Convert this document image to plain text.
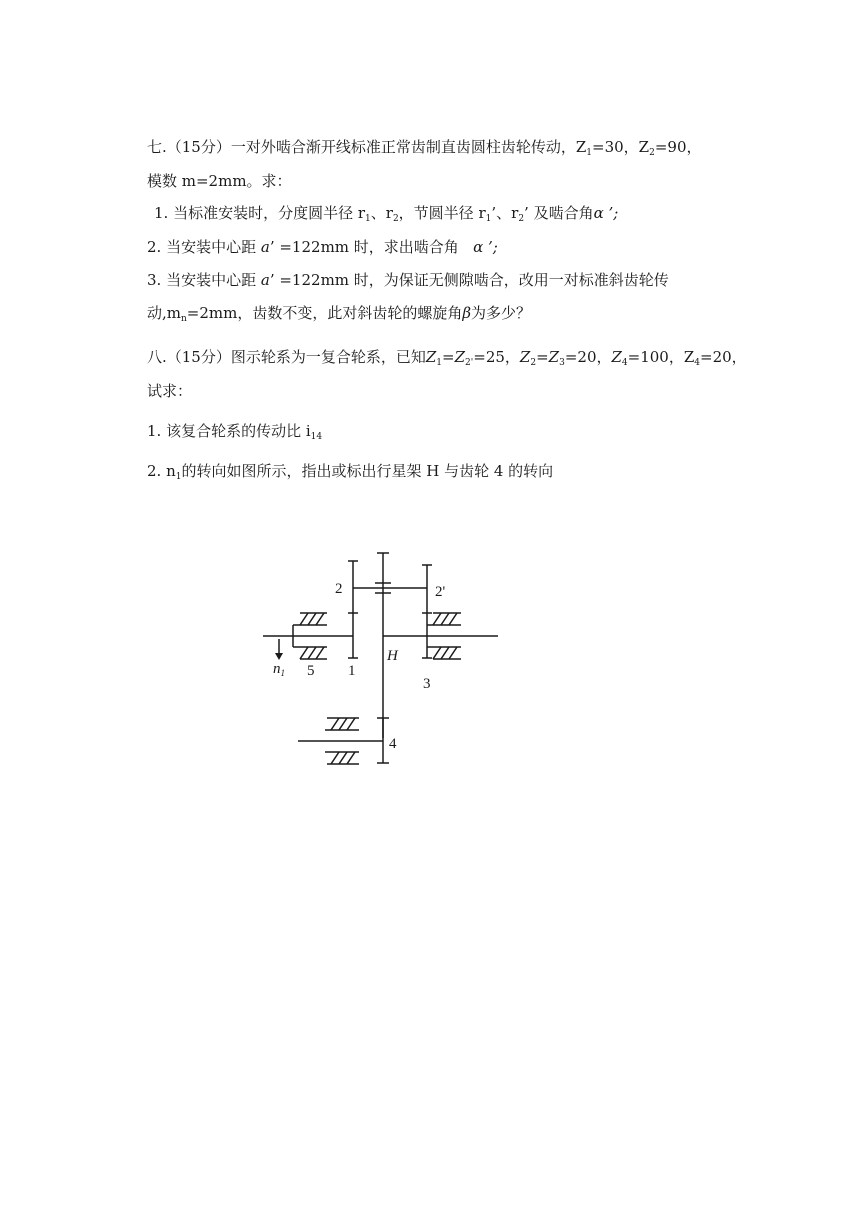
七.（15分）一对外啮合渐开线标准正常齿制直齿圆柱齿轮传动，$Z_1=30$，$Z_2=90$，
模数 m=2mm。求：
1. 当标准安装时，分度圆半径 $r_1$、$r_2$，节圆半径 $r_1$’、$r_2$’ 及啮合角α ’;
2. 当安装中心距 a’ =122mm 时，求出啮合角 α ’;
3. 当安装中心距 a’ =122mm 时，为保证无侧隙啮合，改用一对标准斜齿轮传
动$,m_n=2mm$，齿数不变，此对斜齿轮的螺旋角β为多少？
八.（15分）图示轮系为一复合轮系，已知$Z_1=Z_{2'}=25$，$Z_2=Z_3=20$，$Z_4=100$，$Z_4=20$，
试求：
1. 该复合轮系的传动比 $i_{14}$
2. $n_1$的转向如图所示，指出或标出行星架 H 与齿轮 4 的转向
2	2'
H
$n_1$ 5 1
3
4
